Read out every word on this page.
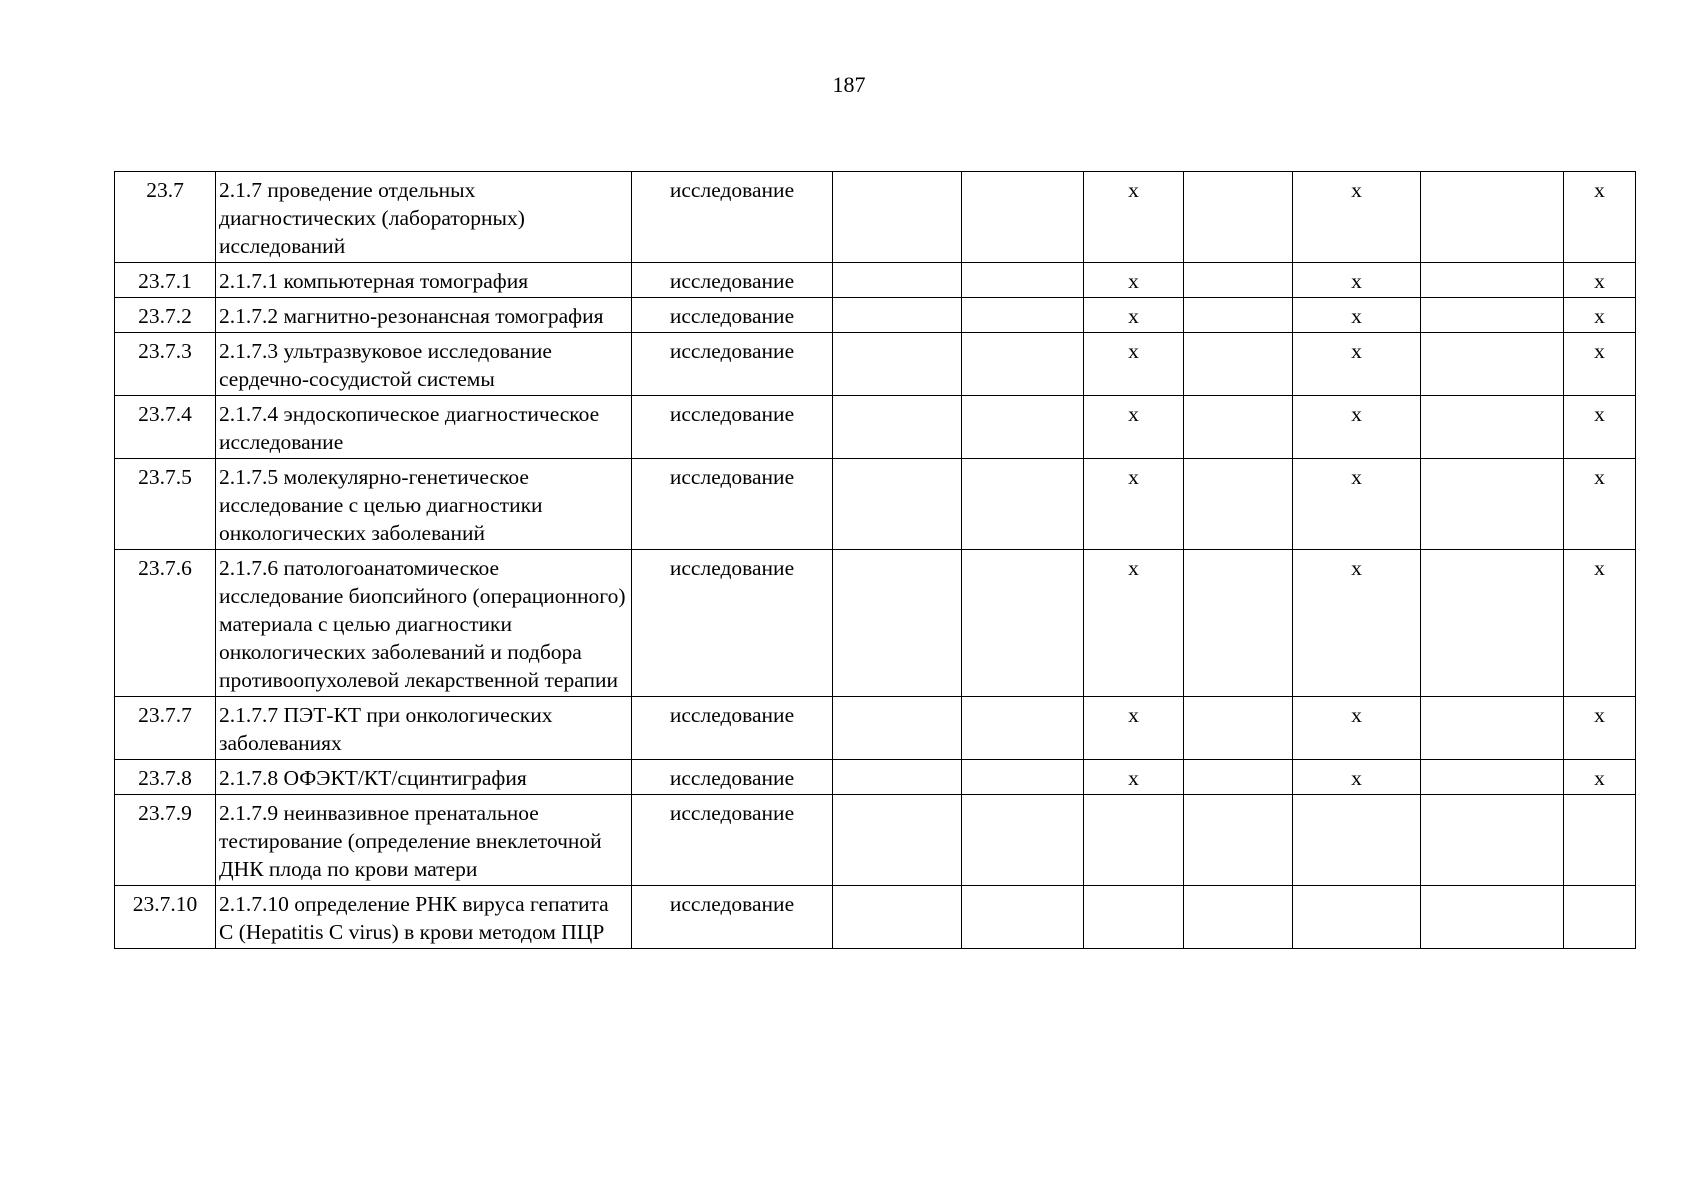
187
23.7	2.1.7 проведение отдельных диагностических (лабораторных) исследований	исследование			x		x		x
23.7.1	2.1.7.1 компьютерная томография	исследование			x		x		x
23.7.2	2.1.7.2 магнитно-резонансная томография	исследование			x		x		x
23.7.3	2.1.7.3 ультразвуковое исследование сердечно-сосудистой системы	исследование			x		x		x
23.7.4	2.1.7.4 эндоскопическое диагностическое исследование	исследование			x		x		x
23.7.5	2.1.7.5 молекулярно-генетическое исследование с целью диагностики онкологических заболеваний	исследование			x		x		x
23.7.6	2.1.7.6 патологоанатомическое исследование биопсийного (операционного) материала с целью диагностики онкологических заболеваний и подбора противоопухолевой лекарственной терапии	исследование			x		x		x
23.7.7	2.1.7.7 ПЭТ-КТ при онкологических заболеваниях	исследование			x		x		x
23.7.8	2.1.7.8 ОФЭКТ/КТ/сцинтиграфия	исследование			x		x		x
23.7.9	2.1.7.9 неинвазивное пренатальное тестирование (определение внеклеточной ДНК плода по крови матери	исследование							
23.7.10	2.1.7.10 определение РНК вируса гепатита С (Hepatitis C virus) в крови методом ПЦР	исследование							
